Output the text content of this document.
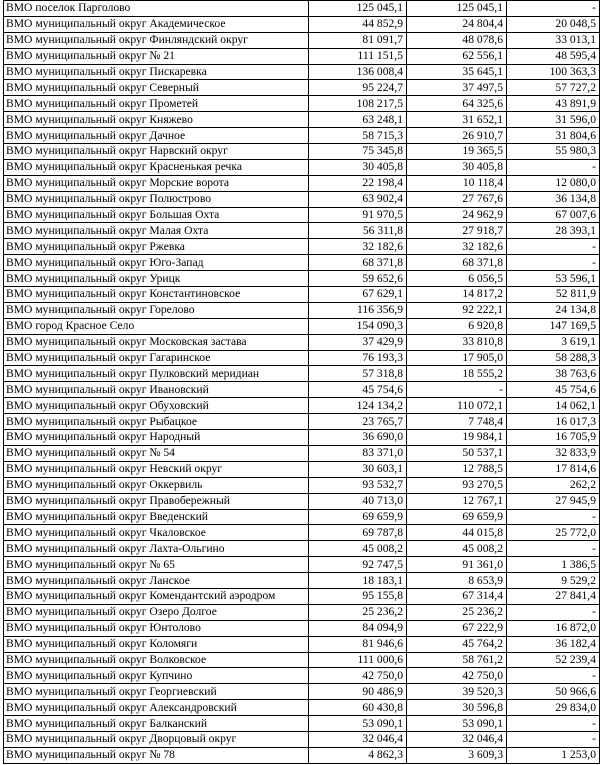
ВМО поселок Парголово	125 045,1	125 045,1	-
ВМО муниципальный округ Академическое	44 852,9	24 804,4	20 048,5
ВМО муниципальный округ Финляндский округ	81 091,7	48 078,6	33 013,1
ВМО муниципальный округ № 21	111 151,5	62 556,1	48 595,4
ВМО муниципальный округ Пискаревка	136 008,4	35 645,1	100 363,3
ВМО муниципальный округ Северный	95 224,7	37 497,5	57 727,2
ВМО муниципальный округ Прометей	108 217,5	64 325,6	43 891,9
ВМО муниципальный округ Княжево	63 248,1	31 652,1	31 596,0
ВМО муниципальный округ Дачное	58 715,3	26 910,7	31 804,6
ВМО муниципальный округ Нарвский округ	75 345,8	19 365,5	55 980,3
ВМО муниципальный округ Красненькая речка	30 405,8	30 405,8	-
ВМО муниципальный округ Морские ворота	22 198,4	10 118,4	12 080,0
ВМО муниципальный округ Полюстрово	63 902,4	27 767,6	36 134,8
ВМО муниципальный округ Большая Охта	91 970,5	24 962,9	67 007,6
ВМО муниципальный округ Малая Охта	56 311,8	27 918,7	28 393,1
ВМО муниципальный округ Ржевка	32 182,6	32 182,6	-
ВМО муниципальный округ Юго-Запад	68 371,8	68 371,8	-
ВМО муниципальный округ Урицк	59 652,6	6 056,5	53 596,1
ВМО муниципальный округ Константиновское	67 629,1	14 817,2	52 811,9
ВМО муниципальный округ Горелово	116 356,9	92 222,1	24 134,8
ВМО город Красное Село	154 090,3	6 920,8	147 169,5
ВМО муниципальный округ Московская застава	37 429,9	33 810,8	3 619,1
ВМО муниципальный округ Гагаринское	76 193,3	17 905,0	58 288,3
ВМО муниципальный округ Пулковский меридиан	57 318,8	18 555,2	38 763,6
ВМО муниципальный округ Ивановский	45 754,6	-	45 754,6
ВМО муниципальный округ Обуховский	124 134,2	110 072,1	14 062,1
ВМО муниципальный округ Рыбацкое	23 765,7	7 748,4	16 017,3
ВМО муниципальный округ Народный	36 690,0	19 984,1	16 705,9
ВМО муниципальный округ № 54	83 371,0	50 537,1	32 833,9
ВМО муниципальный округ Невский округ	30 603,1	12 788,5	17 814,6
ВМО муниципальный округ Оккервиль	93 532,7	93 270,5	262,2
ВМО муниципальный округ Правобережный	40 713,0	12 767,1	27 945,9
ВМО муниципальный округ Введенский	69 659,9	69 659,9	-
ВМО муниципальный округ Чкаловское	69 787,8	44 015,8	25 772,0
ВМО муниципальный округ Лахта-Ольгино	45 008,2	45 008,2	-
ВМО муниципальный округ № 65	92 747,5	91 361,0	1 386,5
ВМО муниципальный округ Ланское	18 183,1	8 653,9	9 529,2
ВМО муниципальный округ Комендантский аэродром	95 155,8	67 314,4	27 841,4
ВМО муниципальный округ Озеро Долгое	25 236,2	25 236,2	-
ВМО муниципальный округ Юнтолово	84 094,9	67 222,9	16 872,0
ВМО муниципальный округ Коломяги	81 946,6	45 764,2	36 182,4
ВМО муниципальный округ Волковское	111 000,6	58 761,2	52 239,4
ВМО муниципальный округ Купчино	42 750,0	42 750,0	-
ВМО муниципальный округ Георгиевский	90 486,9	39 520,3	50 966,6
ВМО муниципальный округ Александровский	60 430,8	30 596,8	29 834,0
ВМО муниципальный округ Балканский	53 090,1	53 090,1	-
ВМО муниципальный округ Дворцовый округ	32 046,4	32 046,4	-
ВМО муниципальный округ № 78	4 862,3	3 609,3	1 253,0
